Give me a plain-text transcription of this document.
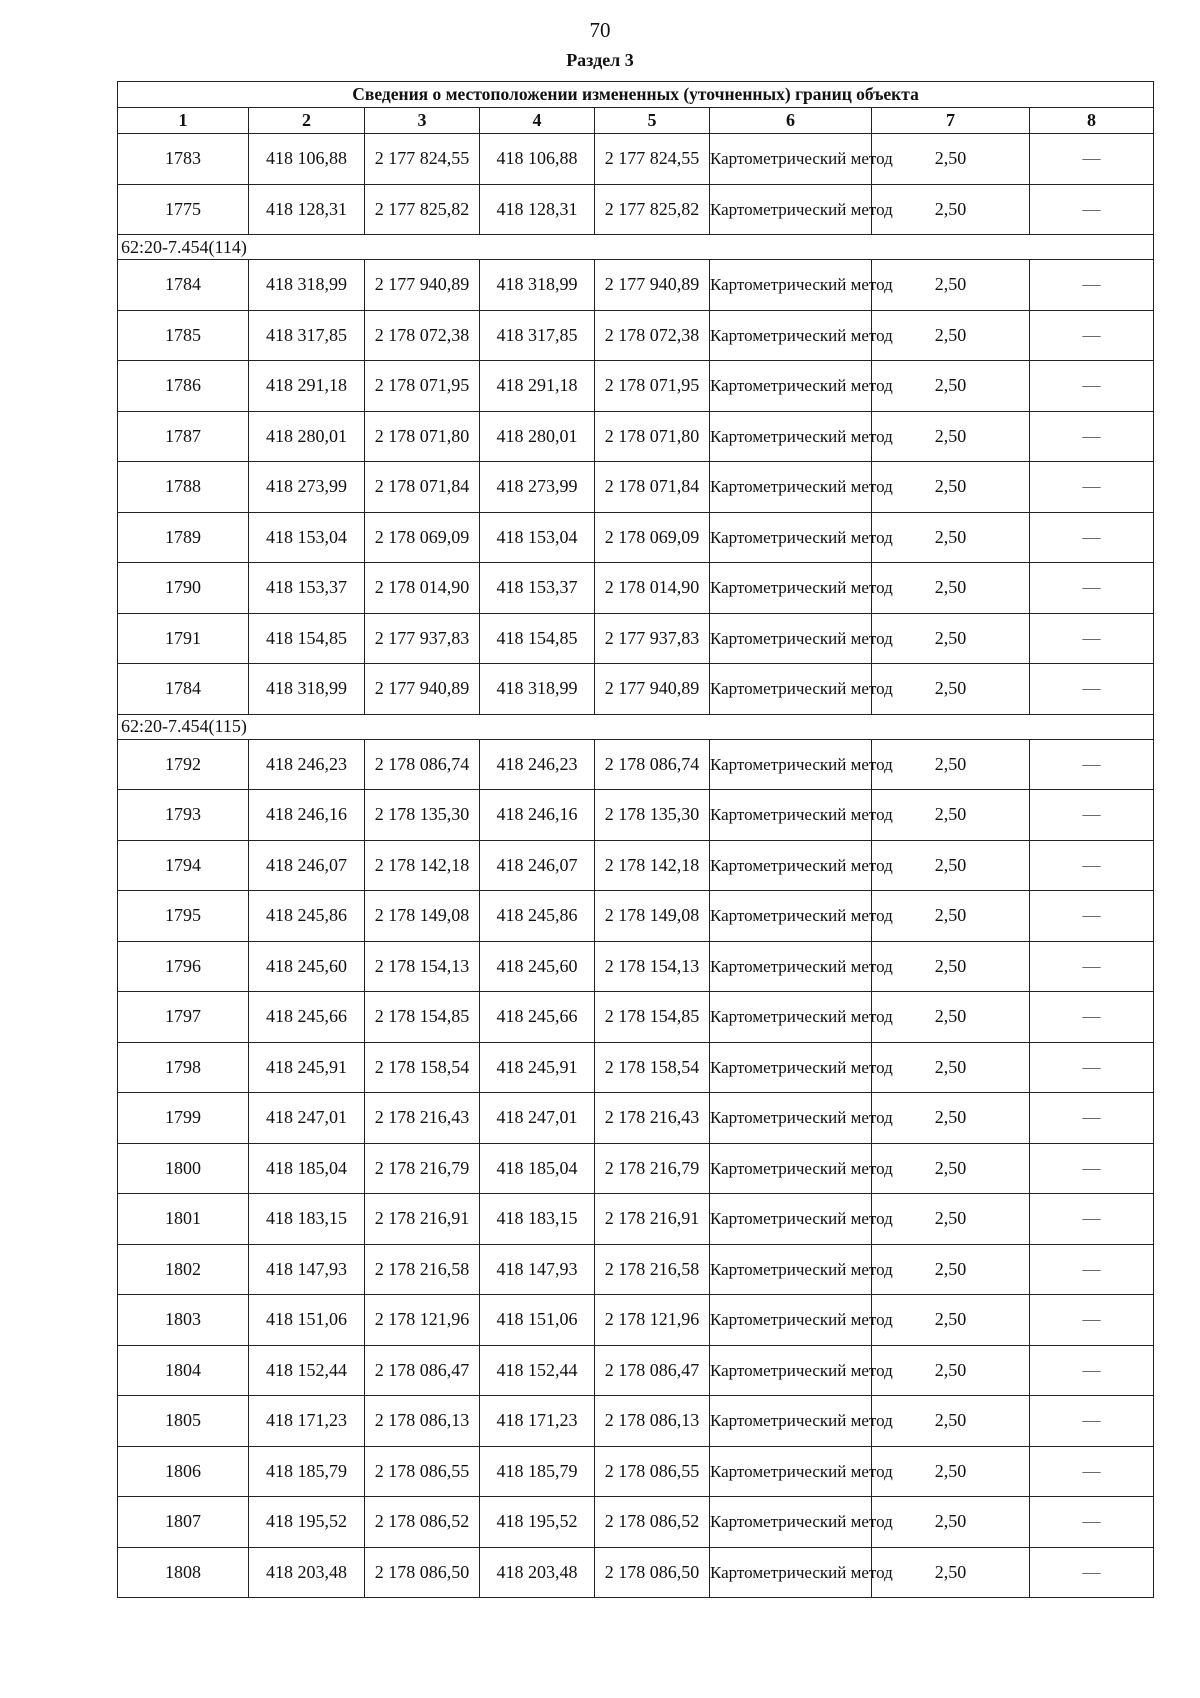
70
Раздел 3
Сведения о местоположении измененных (уточненных) границ объекта							
1	2	3	4	5	6	7	8
1783	418 106,88	2 177 824,55	418 106,88	2 177 824,55	Картометрический метод	2,50	—
1775	418 128,31	2 177 825,82	418 128,31	2 177 825,82	Картометрический метод	2,50	—
62:20-7.454(114)							
1784	418 318,99	2 177 940,89	418 318,99	2 177 940,89	Картометрический метод	2,50	—
1785	418 317,85	2 178 072,38	418 317,85	2 178 072,38	Картометрический метод	2,50	—
1786	418 291,18	2 178 071,95	418 291,18	2 178 071,95	Картометрический метод	2,50	—
1787	418 280,01	2 178 071,80	418 280,01	2 178 071,80	Картометрический метод	2,50	—
1788	418 273,99	2 178 071,84	418 273,99	2 178 071,84	Картометрический метод	2,50	—
1789	418 153,04	2 178 069,09	418 153,04	2 178 069,09	Картометрический метод	2,50	—
1790	418 153,37	2 178 014,90	418 153,37	2 178 014,90	Картометрический метод	2,50	—
1791	418 154,85	2 177 937,83	418 154,85	2 177 937,83	Картометрический метод	2,50	—
1784	418 318,99	2 177 940,89	418 318,99	2 177 940,89	Картометрический метод	2,50	—
62:20-7.454(115)							
1792	418 246,23	2 178 086,74	418 246,23	2 178 086,74	Картометрический метод	2,50	—
1793	418 246,16	2 178 135,30	418 246,16	2 178 135,30	Картометрический метод	2,50	—
1794	418 246,07	2 178 142,18	418 246,07	2 178 142,18	Картометрический метод	2,50	—
1795	418 245,86	2 178 149,08	418 245,86	2 178 149,08	Картометрический метод	2,50	—
1796	418 245,60	2 178 154,13	418 245,60	2 178 154,13	Картометрический метод	2,50	—
1797	418 245,66	2 178 154,85	418 245,66	2 178 154,85	Картометрический метод	2,50	—
1798	418 245,91	2 178 158,54	418 245,91	2 178 158,54	Картометрический метод	2,50	—
1799	418 247,01	2 178 216,43	418 247,01	2 178 216,43	Картометрический метод	2,50	—
1800	418 185,04	2 178 216,79	418 185,04	2 178 216,79	Картометрический метод	2,50	—
1801	418 183,15	2 178 216,91	418 183,15	2 178 216,91	Картометрический метод	2,50	—
1802	418 147,93	2 178 216,58	418 147,93	2 178 216,58	Картометрический метод	2,50	—
1803	418 151,06	2 178 121,96	418 151,06	2 178 121,96	Картометрический метод	2,50	—
1804	418 152,44	2 178 086,47	418 152,44	2 178 086,47	Картометрический метод	2,50	—
1805	418 171,23	2 178 086,13	418 171,23	2 178 086,13	Картометрический метод	2,50	—
1806	418 185,79	2 178 086,55	418 185,79	2 178 086,55	Картометрический метод	2,50	—
1807	418 195,52	2 178 086,52	418 195,52	2 178 086,52	Картометрический метод	2,50	—
1808	418 203,48	2 178 086,50	418 203,48	2 178 086,50	Картометрический метод	2,50	—
